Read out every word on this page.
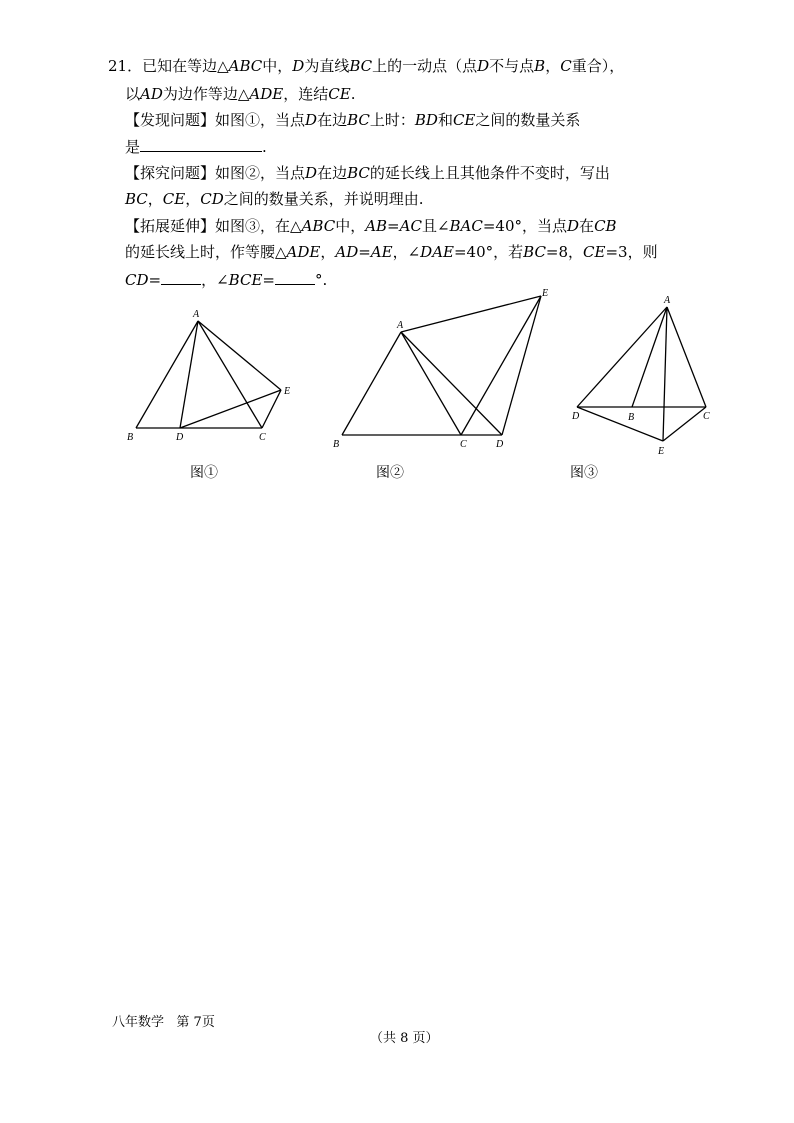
21．已知在等边△ABC中，D为直线BC上的一动点（点D不与点B，C重合），
以AD为边作等边△ADE，连结CE.
【发现问题】如图①，当点D在边BC上时：BD和CE之间的数量关系
是	.
【探究问题】如图②，当点D在边BC的延长线上且其他条件不变时，写出
BC，CE，CD之间的数量关系，并说明理由.
【拓展延伸】如图③，在△ABC中，AB=AC且∠BAC=40°，当点D在CB
的延长线上时，作等腰△ADE，AD=AE，∠DAE=40°，若BC=8，CE=3，则
CD=	，∠BCE=	°.
A
B	C
D
E
A
B	C	D
E
A
B	C
D
E
图①	图②	图③
八年数学 第 7页
（共 8 页）
